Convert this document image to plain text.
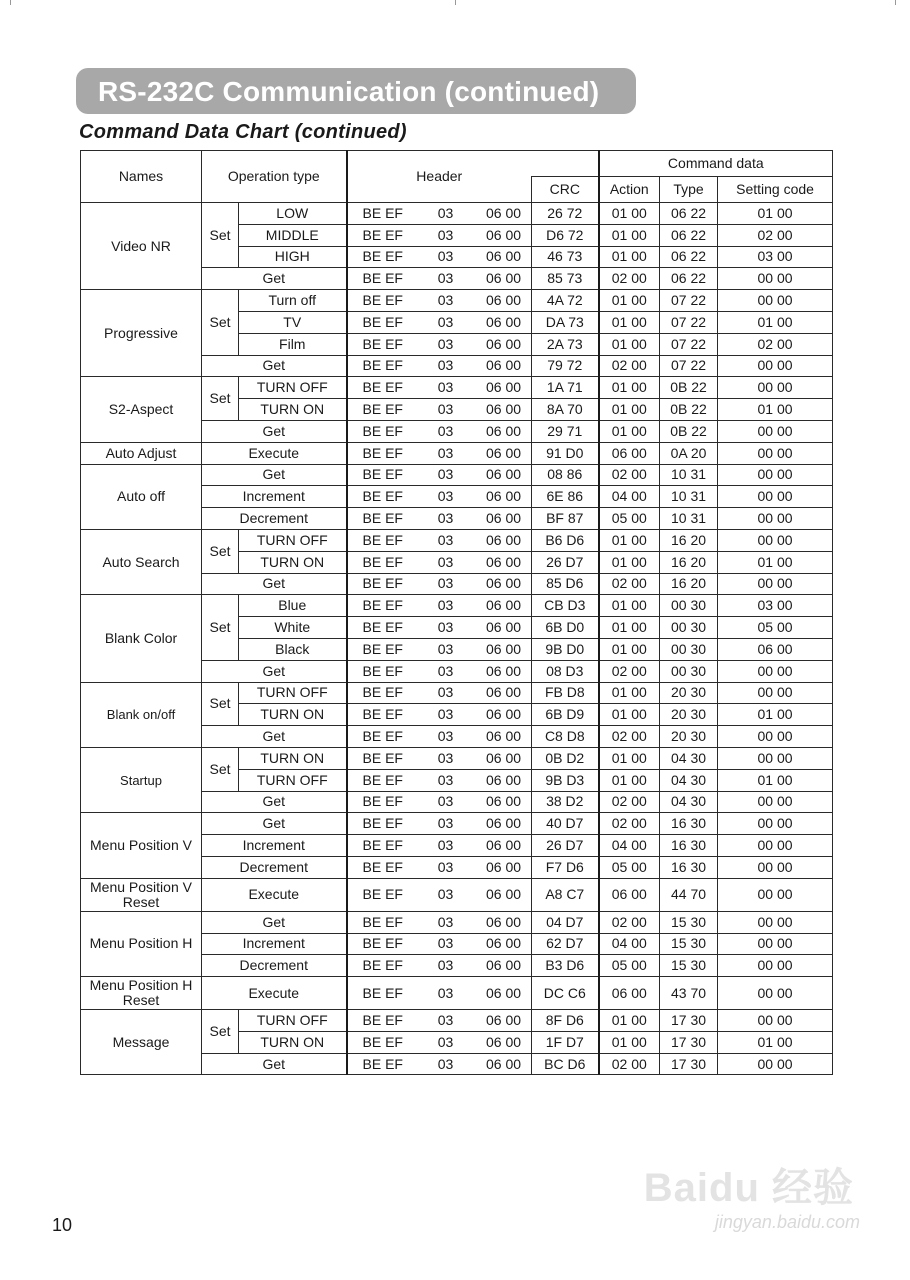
RS-232C Communication (continued)
Command Data Chart (continued)
Names	Operation type		Header				Command data		
						CRC	Action	Type	Setting code
Video NR	Set	LOW	BE EF	03	06 00	26 72	01 00	06 22	01 00
		MIDDLE	BE EF	03	06 00	D6 72	01 00	06 22	02 00
		HIGH	BE EF	03	06 00	46 73	01 00	06 22	03 00
	Get		BE EF	03	06 00	85 73	02 00	06 22	00 00
Progressive	Set	Turn off	BE EF	03	06 00	4A 72	01 00	07 22	00 00
		TV	BE EF	03	06 00	DA 73	01 00	07 22	01 00
		Film	BE EF	03	06 00	2A 73	01 00	07 22	02 00
	Get		BE EF	03	06 00	79 72	02 00	07 22	00 00
S2-Aspect	Set	TURN OFF	BE EF	03	06 00	1A 71	01 00	0B 22	00 00
		TURN ON	BE EF	03	06 00	8A 70	01 00	0B 22	01 00
	Get		BE EF	03	06 00	29 71	01 00	0B 22	00 00
Auto Adjust	Execute		BE EF	03	06 00	91 D0	06 00	0A 20	00 00
Auto off	Get		BE EF	03	06 00	08 86	02 00	10 31	00 00
	Increment		BE EF	03	06 00	6E 86	04 00	10 31	00 00
	Decrement		BE EF	03	06 00	BF 87	05 00	10 31	00 00
Auto Search	Set	TURN OFF	BE EF	03	06 00	B6 D6	01 00	16 20	00 00
		TURN ON	BE EF	03	06 00	26 D7	01 00	16 20	01 00
	Get		BE EF	03	06 00	85 D6	02 00	16 20	00 00
Blank Color	Set	Blue	BE EF	03	06 00	CB D3	01 00	00 30	03 00
		White	BE EF	03	06 00	6B D0	01 00	00 30	05 00
		Black	BE EF	03	06 00	9B D0	01 00	00 30	06 00
	Get		BE EF	03	06 00	08 D3	02 00	00 30	00 00
Blank on/off	Set	TURN OFF	BE EF	03	06 00	FB D8	01 00	20 30	00 00
		TURN ON	BE EF	03	06 00	6B D9	01 00	20 30	01 00
	Get		BE EF	03	06 00	C8 D8	02 00	20 30	00 00
Startup	Set	TURN ON	BE EF	03	06 00	0B D2	01 00	04 30	00 00
		TURN OFF	BE EF	03	06 00	9B D3	01 00	04 30	01 00
	Get		BE EF	03	06 00	38 D2	02 00	04 30	00 00
Menu Position V	Get		BE EF	03	06 00	40 D7	02 00	16 30	00 00
	Increment		BE EF	03	06 00	26 D7	04 00	16 30	00 00
	Decrement		BE EF	03	06 00	F7 D6	05 00	16 30	00 00
Menu Position V Reset	Execute		BE EF	03	06 00	A8 C7	06 00	44 70	00 00
Menu Position H	Get		BE EF	03	06 00	04 D7	02 00	15 30	00 00
	Increment		BE EF	03	06 00	62 D7	04 00	15 30	00 00
	Decrement		BE EF	03	06 00	B3 D6	05 00	15 30	00 00
Menu Position H Reset	Execute		BE EF	03	06 00	DC C6	06 00	43 70	00 00
Message	Set	TURN OFF	BE EF	03	06 00	8F D6	01 00	17 30	00 00
		TURN ON	BE EF	03	06 00	1F D7	01 00	17 30	01 00
	Get		BE EF	03	06 00	BC D6	02 00	17 30	00 00
10
Baidu 经验
jingyan.baidu.com
